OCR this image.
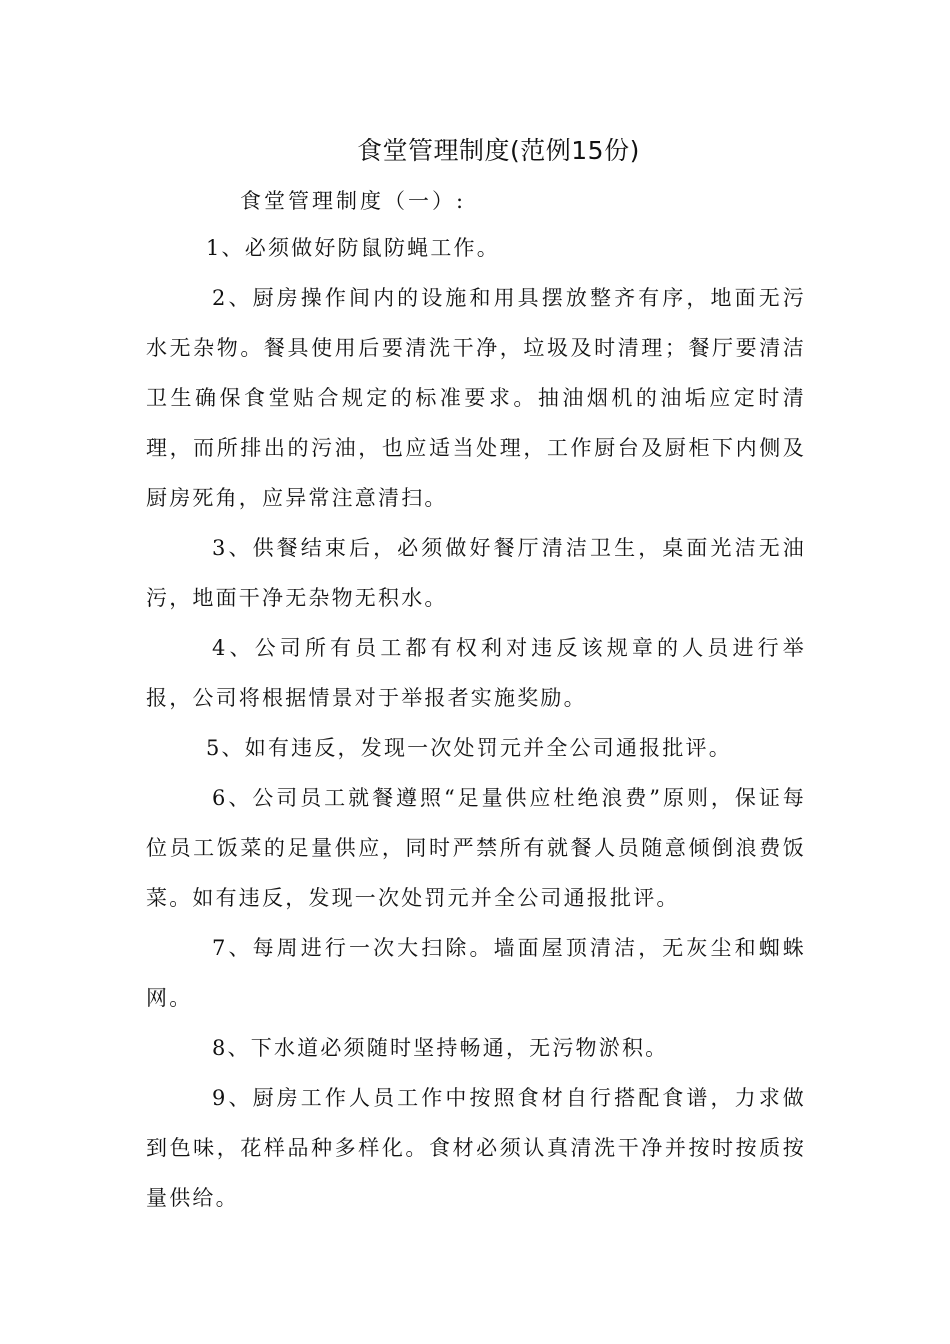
食堂管理制度(范例15份)
食堂管理制度（一）:

1、必须做好防鼠防蝇工作。

2、厨房操作间内的设施和用具摆放整齐有序，地面无污水无杂物。餐具使用后要清洗干净，垃圾及时清理；餐厅要清洁卫生确保食堂贴合规定的标准要求。抽油烟机的油垢应定时清理，而所排出的污油，也应适当处理，工作厨台及厨柜下内侧及厨房死角，应异常注意清扫。

3、供餐结束后，必须做好餐厅清洁卫生，桌面光洁无油污，地面干净无杂物无积水。

4、公司所有员工都有权利对违反该规章的人员进行举报，公司将根据情景对于举报者实施奖励。

5、如有违反，发现一次处罚元并全公司通报批评。

6、公司员工就餐遵照“足量供应杜绝浪费”原则，保证每位员工饭菜的足量供应，同时严禁所有就餐人员随意倾倒浪费饭菜。如有违反，发现一次处罚元并全公司通报批评。

7、每周进行一次大扫除。墙面屋顶清洁，无灰尘和蜘蛛网。

8、下水道必须随时坚持畅通，无污物淤积。

9、厨房工作人员工作中按照食材自行搭配食谱，力求做到色味，花样品种多样化。食材必须认真清洗干净并按时按质按量供给。
